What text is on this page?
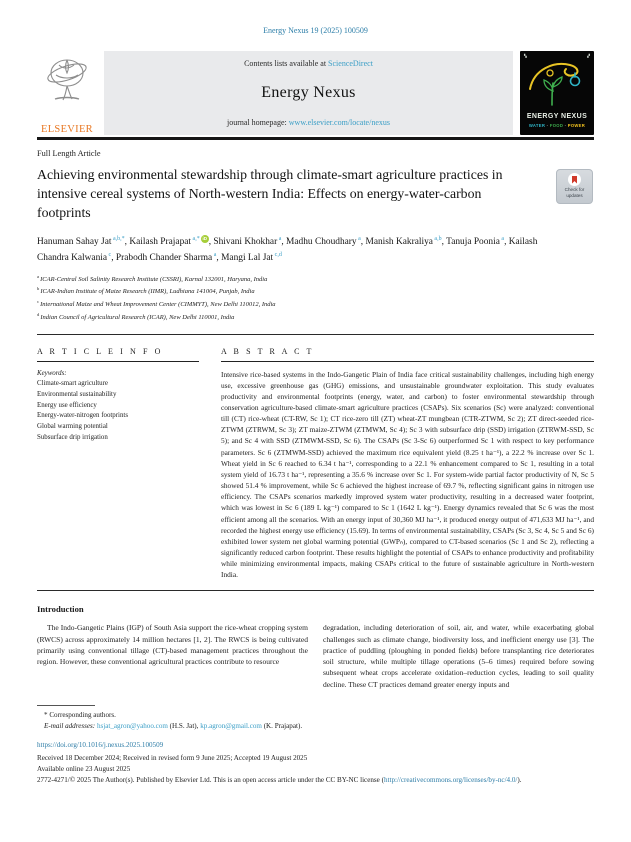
Energy Nexus 19 (2025) 100509
ELSEVIER
Contents lists available at ScienceDirect
Energy Nexus
journal homepage: www.elsevier.com/locate/nexus
▚	▞
ENERGY NEXUS
WATER · FOOD · POWER
Full Length Article
Achieving environmental stewardship through climate-smart agriculture practices in intensive cereal systems of North-western India: Effects on energy-water-carbon footprints
Check for
updates
Hanuman Sahay Jat $^{a,b,*}$, Kailash Prajapat $^{a,*}$ iD , Shivani Khokhar $^a$, Madhu Choudhary $^a$, Manish Kakraliya $^{a,b}$, Tanuja Poonia $^a$, Kailash Chandra Kalwania $^c$, Prabodh Chander Sharma $^a$, Mangi Lal Jat $^{c,d}$
$^a$ ICAR-Central Soil Salinity Research Institute (CSSRI), Karnal 132001, Haryana, India
$^b$ ICAR-Indian Institute of Maize Research (IIMR), Ludhiana 141004, Punjab, India
$^c$ International Maize and Wheat Improvement Center (CIMMYT), New Delhi 110012, India
$^d$ Indian Council of Agricultural Research (ICAR), New Delhi 110001, India
A R T I C L E I N F O
Keywords:
Climate-smart agriculture
Environmental sustainability
Energy use efficiency
Energy-water-nitrogen footprints
Global warming potential
Subsurface drip irrigation
A B S T R A C T

Intensive rice-based systems in the Indo-Gangetic Plain of India face critical sustainability challenges, including high energy use, excessive greenhouse gas (GHG) emissions, and unsustainable groundwater exploitation. This study evaluates productivity and environmental footprints (energy, water, and carbon) to foster environmental stewardship through conservation agriculture-based climate-smart agriculture practices (CSAPs). Six scenarios (Sc) were analyzed: conventional till (CT) rice-wheat (CT-RW, Sc 1); CT rice-zero till (ZT) wheat-ZT mungbean (CTR-ZTWM, Sc 2); ZT direct-seeded rice-ZTWM (ZTRWM, Sc 3); ZT maize-ZTWM (ZTMWM, Sc 4); Sc 3 with subsurface drip (SSD) irrigation (ZTRWM-SSD, Sc 5); and Sc 4 with SSD (ZTMWM-SSD, Sc 6). The CSAPs (Sc 3-Sc 6) outperformed Sc 1 with respect to key performance parameters. Sc 6 (ZTMWM-SSD) achieved the maximum rice equivalent yield (8.25 t ha⁻¹), a 22.2 % increase over Sc 1. Wheat yield in Sc 6 reached to 6.34 t ha⁻¹, corresponding to a 22.1 % enhancement compared to Sc 1, resulting in a total system yield of 16.73 t ha⁻¹, representing a 35.6 % increase over Sc 1. For system-wide partial factor productivity of N, Sc 5 showed 51.4 % improvement, while Sc 6 achieved the highest increase of 69.7 %, reflecting significant gains in nitrogen use efficiency. The CSAPs scenarios markedly improved system water productivity, resulting in a decreased water footprint, which was lowest in Sc 6 (189 L kg⁻¹) compared to Sc 1 (1642 L kg⁻¹). Energy dynamics revealed that Sc 6 was the most efficient among all the scenarios. With an energy input of 30,360 MJ ha⁻¹, it produced energy output of 471,633 MJ ha⁻¹, and recorded the highest energy use efficiency (15.69). In terms of environmental sustainability, CSAPs (Sc 3, Sc 4, Sc 5 and Sc 6) exhibited lower system net global warming potential (GWPₙ), compared to CT-based scenarios (Sc 1 and Sc 2), reflecting a significantly reduced carbon footprint. These results highlight the potential of CSAPs to enhance productivity and profitability while minimizing environmental impacts, making CSAPs critical to the future of sustainable agriculture in North-western India.

Introduction

The Indo-Gangetic Plains (IGP) of South Asia support the rice-wheat cropping system (RWCS) across approximately 14 million hectares [1, 2]. The RWCS is being cultivated primarily using conventional tillage (CT)-based management practices throughout the region. However, these conventional agricultural practices contribute to resource

degradation, including deterioration of soil, air, and water, while exacerbating global challenges such as climate change, biodiversity loss, and inefficient energy use [3]. The practice of puddling (ploughing in ponded fields) before transplanting rice deteriorates soil structure, while multiple tillage operations (5–6 times) required before sowing subsequent wheat crops accelerate oxidation–reduction cycles, leading to soil quality decline. These CT practices demand greater energy inputs and

* Corresponding authors.
E-mail addresses: hsjat_agron@yahoo.com (H.S. Jat), kp.agron@gmail.com (K. Prajapat).
https://doi.org/10.1016/j.nexus.2025.100509
Received 18 December 2024; Received in revised form 9 June 2025; Accepted 19 August 2025
Available online 23 August 2025
2772-4271/© 2025 The Author(s). Published by Elsevier Ltd. This is an open access article under the CC BY-NC license (http://creativecommons.org/licenses/by-nc/4.0/).
